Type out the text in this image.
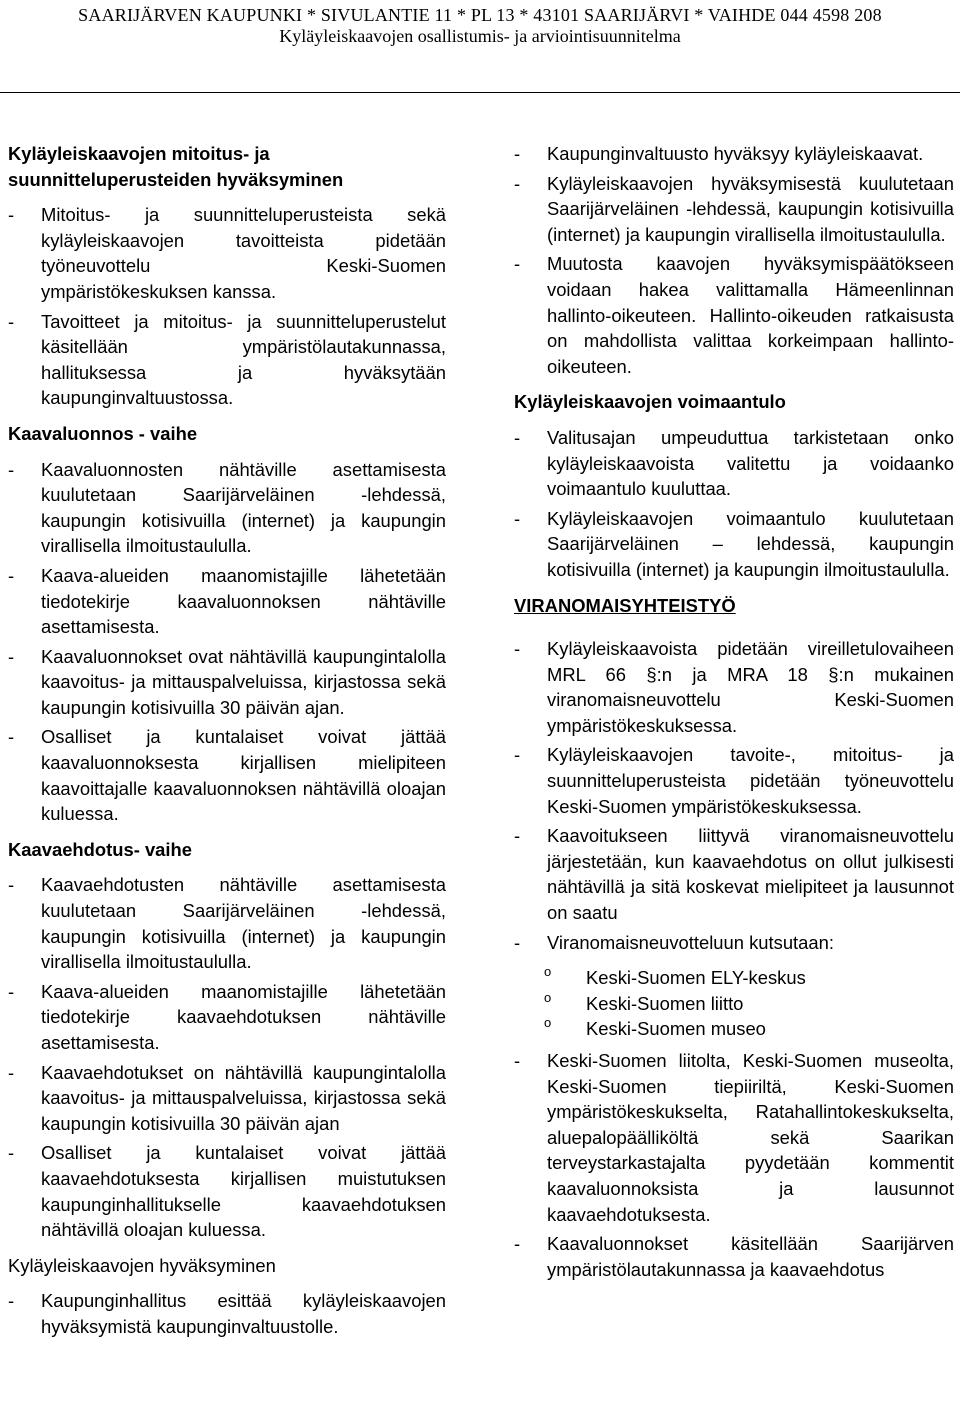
SAARIJÄRVEN KAUPUNKI * SIVULANTIE 11 * PL 13 * 43101 SAARIJÄRVI * VAIHDE 044 4598 208
Kyläyleiskaavojen osallistumis- ja arviointisuunnitelma
Kyläyleiskaavojen mitoitus- ja suunnitteluperusteiden hyväksyminen
- Mitoitus- ja suunnitteluperusteista sekä kyläyleiskaavojen tavoitteista pidetään työneuvottelu Keski-Suomen ympäristökeskuksen kanssa.
- Tavoitteet ja mitoitus- ja suunnitteluperustelut käsitellään ympäristölautakunnassa, hallituksessa ja hyväksytään kaupunginvaltuustossa.
Kaavaluonnos - vaihe
- Kaavaluonnosten nähtäville asettamisesta kuulutetaan Saarijärveläinen -lehdessä, kaupungin kotisivuilla (internet) ja kaupungin virallisella ilmoitustaululla.
- Kaava-alueiden maanomistajille lähetetään tiedotekirje kaavaluonnoksen nähtäville asettamisesta.
- Kaavaluonnokset ovat nähtävillä kaupungintalolla kaavoitus- ja mittauspalveluissa, kirjastossa sekä kaupungin kotisivuilla 30 päivän ajan.
- Osalliset ja kuntalaiset voivat jättää kaavaluonnoksesta kirjallisen mielipiteen kaavoittajalle kaavaluonnoksen nähtävillä oloajan kuluessa.
Kaavaehdotus- vaihe
- Kaavaehdotusten nähtäville asettamisesta kuulutetaan Saarijärveläinen -lehdessä, kaupungin kotisivuilla (internet) ja kaupungin virallisella ilmoitustaululla.
- Kaava-alueiden maanomistajille lähetetään tiedotekirje kaavaehdotuksen nähtäville asettamisesta.
- Kaavaehdotukset on nähtävillä kaupungintalolla kaavoitus- ja mittauspalveluissa, kirjastossa sekä kaupungin kotisivuilla 30 päivän ajan
- Osalliset ja kuntalaiset voivat jättää kaavaehdotuksesta kirjallisen muistutuksen kaupunginhallitukselle kaavaehdotuksen nähtävillä oloajan kuluessa.
Kyläyleiskaavojen hyväksyminen
- Kaupunginhallitus esittää kyläyleiskaavojen hyväksymistä kaupunginvaltuustolle.
- Kaupunginvaltuusto hyväksyy kyläyleiskaavat.
- Kyläyleiskaavojen hyväksymisestä kuulutetaan Saarijärveläinen -lehdessä, kaupungin kotisivuilla (internet) ja kaupungin virallisella ilmoitustaululla.
- Muutosta kaavojen hyväksymispäätökseen voidaan hakea valittamalla Hämeenlinnan hallinto-oikeuteen. Hallinto-oikeuden ratkaisusta on mahdollista valittaa korkeimpaan hallinto-oikeuteen.
Kyläyleiskaavojen voimaantulo
- Valitusajan umpeuduttua tarkistetaan onko kyläyleiskaavoista valitettu ja voidaanko voimaantulo kuuluttaa.
- Kyläyleiskaavojen voimaantulo kuulutetaan Saarijärveläinen – lehdessä, kaupungin kotisivuilla (internet) ja kaupungin ilmoitustaululla.
VIRANOMAISYHTEISTYÖ
- Kyläyleiskaavoista pidetään vireilletulovaiheen MRL 66 §:n ja MRA 18 §:n mukainen viranomaisneuvottelu Keski-Suomen ympäristökeskuksessa.
- Kyläyleiskaavojen tavoite-, mitoitus- ja suunnitteluperusteista pidetään työneuvottelu Keski-Suomen ympäristökeskuksessa.
- Kaavoitukseen liittyvä viranomaisneuvottelu järjestetään, kun kaavaehdotus on ollut julkisesti nähtävillä ja sitä koskevat mielipiteet ja lausunnot on saatu
- Viranomaisneuvotteluun kutsutaan:
o Keski-Suomen ELY-keskus
o Keski-Suomen liitto
o Keski-Suomen museo
- Keski-Suomen liitolta, Keski-Suomen museolta, Keski-Suomen tiepiiriltä, Keski-Suomen ympäristökeskukselta, Ratahallintokeskukselta, aluepalopäälliköltä sekä Saarikan terveystarkastajalta pyydetään kommentit kaavaluonnoksista ja lausunnot kaavaehdotuksesta.
- Kaavaluonnokset käsitellään Saarijärven ympäristölautakunnassa ja kaavaehdotus
